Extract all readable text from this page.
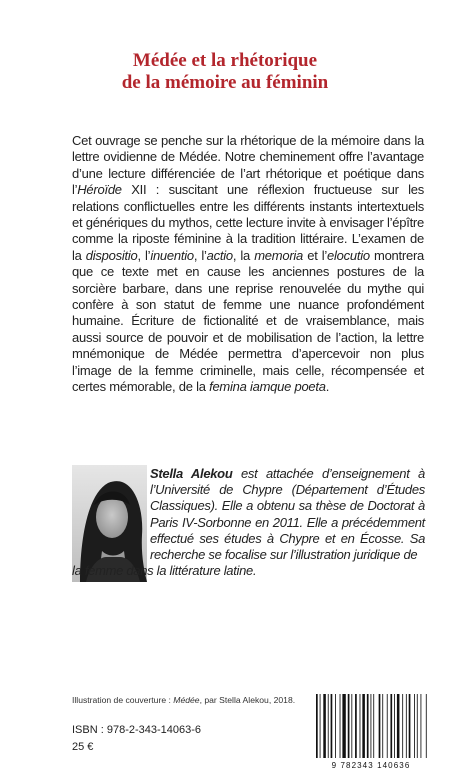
Médée et la rhétorique
de la mémoire au féminin

Cet ouvrage se penche sur la rhétorique de la mémoire dans la lettre ovidienne de Médée. Notre cheminement offre l’avantage d’une lecture différenciée de l’art rhétorique et poétique dans l’Héroïde XII : suscitant une réflexion fructueuse sur les relations conflictuelles entre les différents instants intertextuels et génériques du mythos, cette lecture invite à envisager l’épître comme la riposte féminine à la tradition littéraire. L’examen de la dispositio, l’inuentio, l’actio, la memoria et l’elocutio montrera que ce texte met en cause les anciennes postures de la sorcière barbare, dans une reprise renouvelée du mythe qui confère à son statut de femme une nuance profondément humaine. Écriture de fictionalité et de vraisemblance, mais aussi source de pouvoir et de mobilisation de l’action, la lettre mnémonique de Médée permettra d’apercevoir non plus l’image de la femme criminelle, mais celle, récompensée et certes mémorable, de la femina iamque poeta.

Stella Alekou est attachée d’enseignement à l’Université de Chypre (Département d’Études Classiques). Elle a obtenu sa thèse de Doctorat à Paris IV-Sorbonne en 2011. Elle a précédemment effectué ses études à Chypre et en Écosse. Sa recherche se focalise sur l’illustration juridique de
la femme dans la littérature latine.
Illustration de couverture : Médée, par Stella Alekou, 2018.
ISBN : 978-2-343-14063-6
25 €
9 782343 140636
